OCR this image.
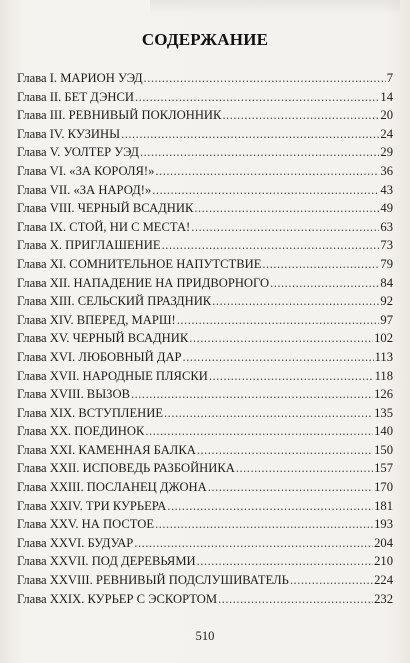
СОДЕРЖАНИЕ
Глава I. МАРИОН УЭД .....	7
Глава II. БЕТ ДЭНСИ .....	14
Глава III. РЕВНИВЫЙ ПОКЛОННИК .....	20
Глава IV. КУЗИНЫ .....	24
Глава V. УОЛТЕР УЭД .....	29
Глава VI. «ЗА КОРОЛЯ!» .....	36
Глава VII. «ЗА НАРОД!» .....	43
Глава VIII. ЧЕРНЫЙ ВСАДНИК .....	49
Глава IX. СТОЙ, НИ С МЕСТА! .....	63
Глава X. ПРИГЛАШЕНИЕ .....	73
Глава XI. СОМНИТЕЛЬНОЕ НАПУТСТВИЕ .....	79
Глава XII. НАПАДЕНИЕ НА ПРИДВОРНОГО .....	84
Глава XIII. СЕЛЬСКИЙ ПРАЗДНИК .....	92
Глава XIV. ВПЕРЕД, МАРШ! .....	97
Глава XV. ЧЕРНЫЙ ВСАДНИК .....	102
Глава XVI. ЛЮБОВНЫЙ ДАР .....	113
Глава XVII. НАРОДНЫЕ ПЛЯСКИ .....	118
Глава XVIII. ВЫЗОВ .....	126
Глава XIX. ВСТУПЛЕНИЕ .....	135
Глава XX. ПОЕДИНОК .....	140
Глава XXI. КАМЕННАЯ БАЛКА .....	150
Глава XXII. ИСПОВЕДЬ РАЗБОЙНИКА .....	157
Глава XXIII. ПОСЛАНЕЦ ДЖОНА .....	170
Глава XXIV. ТРИ КУРЬЕРА .....	181
Глава XXV. НА ПОСТОЕ .....	193
Глава XXVI. БУДУАР .....	204
Глава XXVII. ПОД ДЕРЕВЬЯМИ .....	210
Глава XXVIII. РЕВНИВЫЙ ПОДСЛУШИВАТЕЛЬ .....	224
Глава XXIX. КУРЬЕР С ЭСКОРТОМ .....	232
510
